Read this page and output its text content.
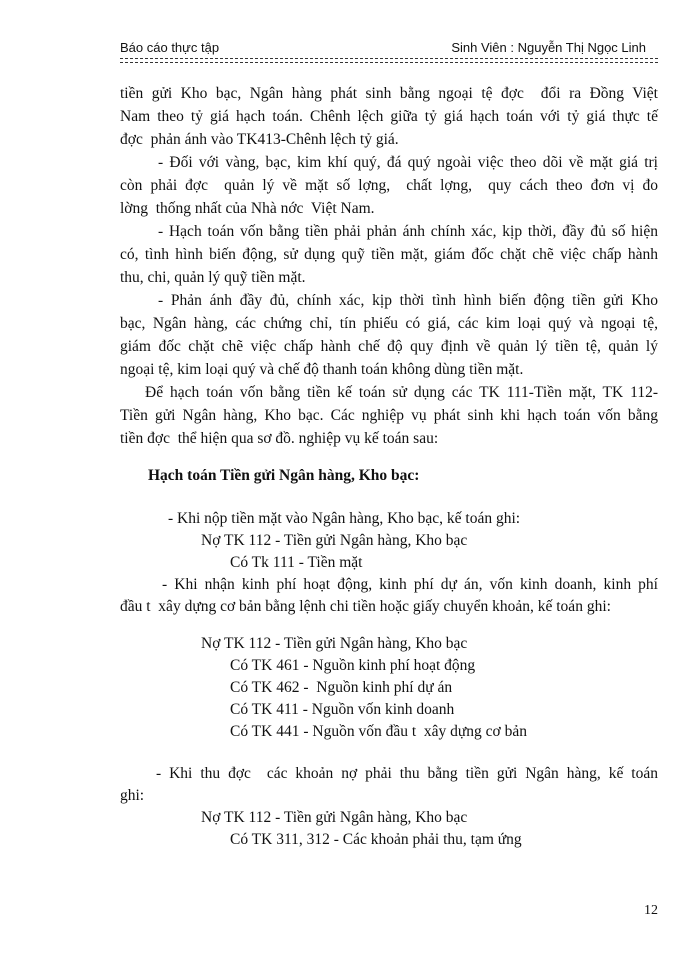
Báo cáo thực tập	Sinh Viên : Nguyễn Thị Ngọc Linh
tiền gửi Kho bạc, Ngân hàng phát sinh bằng ngoại tệ đợc  đổi ra Đồng Việt
Nam theo tỷ giá hạch toán. Chênh lệch giữa tỷ giá hạch toán với tỷ giá thực tế
đợc  phản ánh vào TK413-Chênh lệch tỷ giá.
- Đối với vàng, bạc, kim khí quý, đá quý ngoài việc theo dõi về mặt giá trị
còn phải đợc  quản lý về mặt số lợng,  chất lợng,  quy cách theo đơn vị đo
lờng  thống nhất của Nhà nớc  Việt Nam.
- Hạch toán vốn bằng tiền phải phản ánh chính xác, kịp thời, đầy đủ số hiện
có, tình hình biến động, sử dụng quỹ tiền mặt, giám đốc chặt chẽ việc chấp hành
thu, chi, quản lý quỹ tiền mặt.
- Phản ánh đầy đủ, chính xác, kịp thời tình hình biến động tiền gửi Kho
bạc, Ngân hàng, các chứng chỉ, tín phiếu có giá, các kim loại quý và ngoại tệ,
giám đốc chặt chẽ việc chấp hành chế độ quy định về quản lý tiền tệ, quản lý
ngoại tệ, kim loại quý và chế độ thanh toán không dùng tiền mặt.
Để hạch toán vốn bằng tiền kế toán sử dụng các TK 111-Tiền mặt, TK 112-
Tiền gửi Ngân hàng, Kho bạc. Các nghiệp vụ phát sinh khi hạch toán vốn bằng
tiền đợc  thể hiện qua sơ đồ. nghiệp vụ kế toán sau:
Hạch toán Tiền gửi Ngân hàng, Kho bạc:
- Khi nộp tiền mặt vào Ngân hàng, Kho bạc, kế toán ghi:
Nợ TK 112 - Tiền gửi Ngân hàng, Kho bạc
Có Tk 111 - Tiền mặt
- Khi nhận kinh phí hoạt động, kinh phí dự án, vốn kinh doanh, kinh phí
đầu t  xây dựng cơ bản bằng lệnh chi tiền hoặc giấy chuyển khoản, kế toán ghi:
Nợ TK 112 - Tiền gửi Ngân hàng, Kho bạc
Có TK 461 - Nguồn kinh phí hoạt động
Có TK 462 -  Nguồn kinh phí dự án
Có TK 411 - Nguồn vốn kinh doanh
Có TK 441 - Nguồn vốn đầu t  xây dựng cơ bản
- Khi thu đợc  các khoản nợ phải thu bằng tiền gửi Ngân hàng, kế toán
ghi:
Nợ TK 112 - Tiền gửi Ngân hàng, Kho bạc
Có TK 311, 312 - Các khoản phải thu, tạm ứng
12
